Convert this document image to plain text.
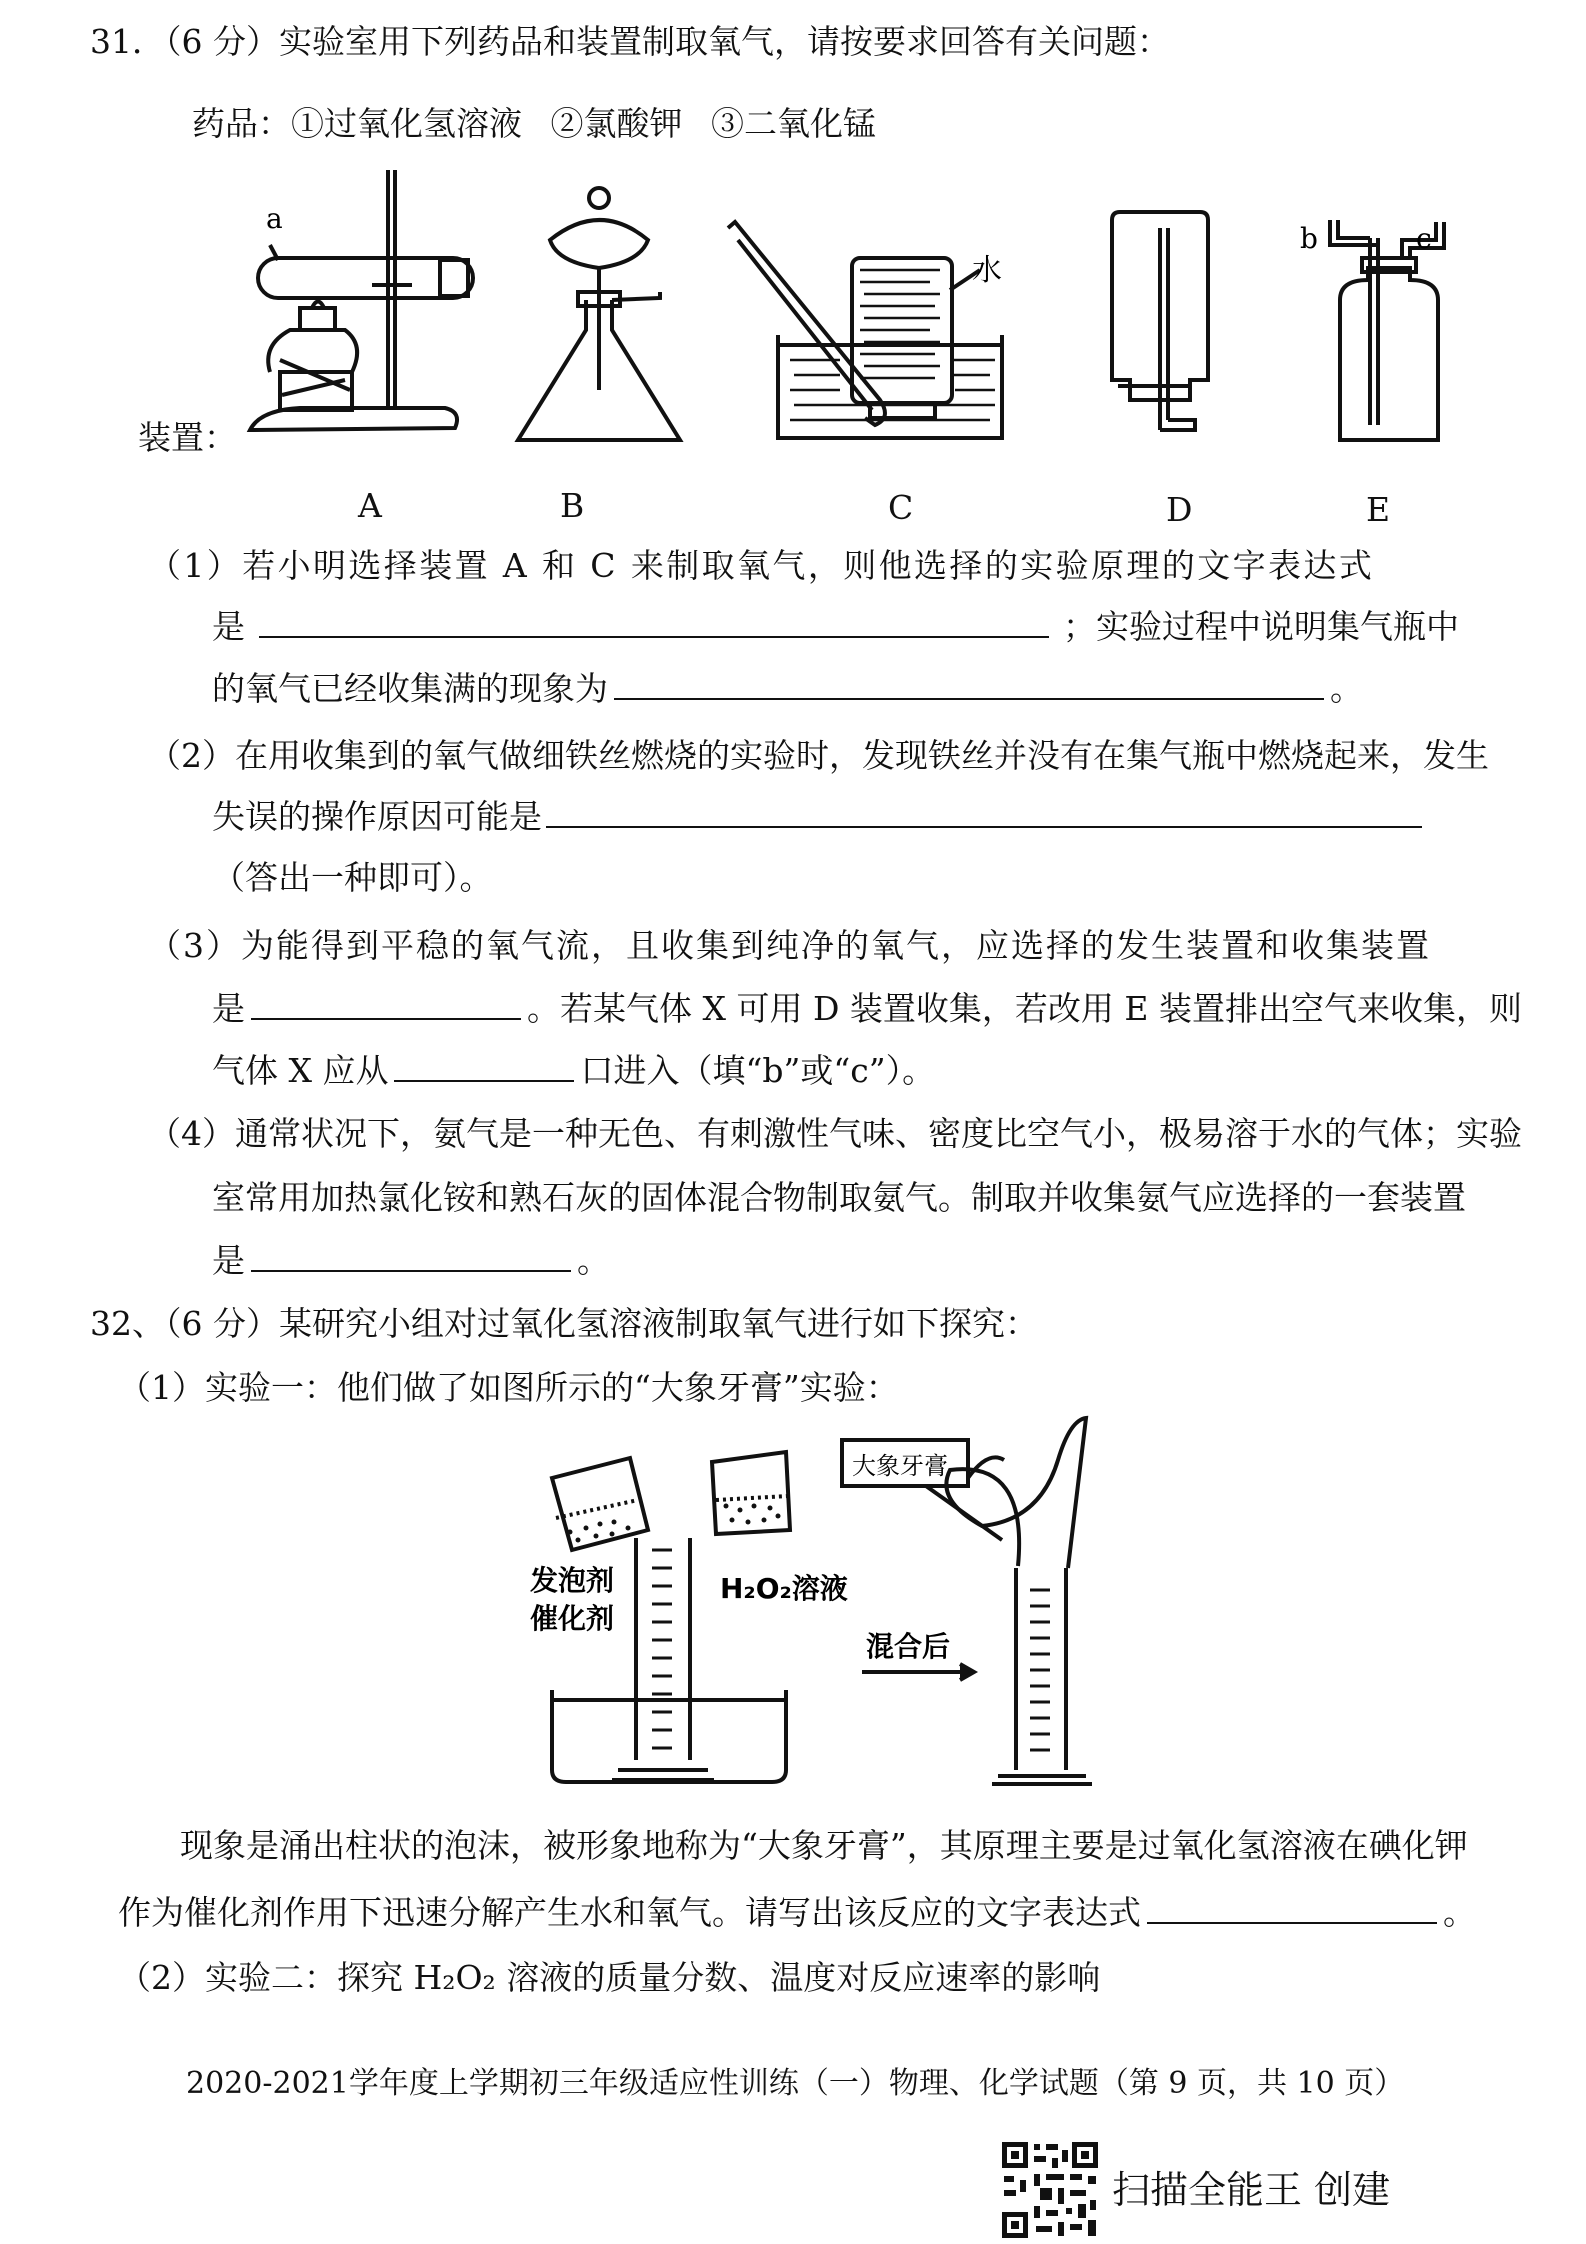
31．（6 分）实验室用下列药品和装置制取氧气，请按要求回答有关问题：
药品：①过氧化氢溶液 ②氯酸钾 ③二氧化锰
a
水
b	c
装置：
A	B	C	D	E
（1）若小明选择装置 A 和 C 来制取氧气，则他选择的实验原理的文字表达式
是	；实验过程中说明集气瓶中
的氧气已经收集满的现象为	。
（2）在用收集到的氧气做细铁丝燃烧的实验时，发现铁丝并没有在集气瓶中燃烧起来，发生
失误的操作原因可能是
（答出一种即可）。
（3）为能得到平稳的氧气流，且收集到纯净的氧气，应选择的发生装置和收集装置
是	。若某气体 X 可用 D 装置收集，若改用 E 装置排出空气来收集，则
气体 X 应从	口进入（填“b”或“c”）。
（4）通常状况下，氨气是一种无色、有刺激性气味、密度比空气小，极易溶于水的气体；实验
室常用加热氯化铵和熟石灰的固体混合物制取氨气。制取并收集氨气应选择的一套装置
是	。
32、（6 分）某研究小组对过氧化氢溶液制取氧气进行如下探究：
（1）实验一：他们做了如图所示的“大象牙膏”实验：
发泡剂
催化剂
H₂O₂溶液
混合后
大象牙膏
现象是涌出柱状的泡沫，被形象地称为“大象牙膏”，其原理主要是过氧化氢溶液在碘化钾
作为催化剂作用下迅速分解产生水和氧气。请写出该反应的文字表达式	。
（2）实验二：探究 H₂O₂ 溶液的质量分数、温度对反应速率的影响
2020-2021学年度上学期初三年级适应性训练（一）物理、化学试题（第 9 页，共 10 页）
扫描全能王 创建
